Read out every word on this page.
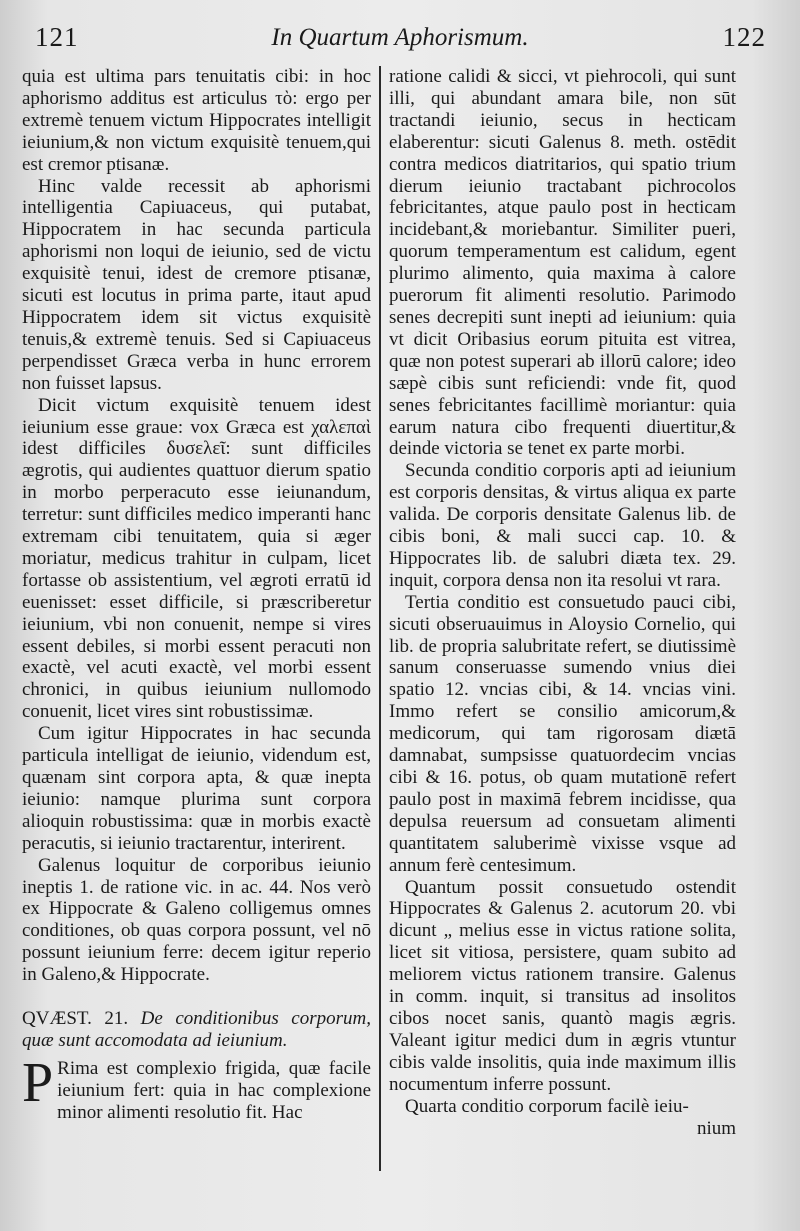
121	In Quartum Aphorismum.	122

quia est ultima pars tenuitatis cibi: in hoc aphorismo additus est articulus τὸ: ergo per extremè tenuem victum Hippocrates intelligit ieiunium,& non victum exquisitè tenuem,qui est cremor ptisanæ.

Hinc valde recessit ab aphorismi intelligentia Capiuaceus, qui putabat, Hippocratem in hac secunda particula aphorismi non loqui de ieiunio, sed de victu exquisitè tenui, idest de cremore ptisanæ, sicuti est locutus in prima parte, itaut apud Hippocratem idem sit victus exquisitè tenuis,& extremè tenuis. Sed si Capiuaceus perpendisset Græca verba in hunc errorem non fuisset lapsus.

Dicit victum exquisitè tenuem idest ieiunium esse graue: vox Græca est χαλεπαὶ idest difficiles δυσελεῖ: sunt difficiles ægrotis, qui audientes quattuor dierum spatio in morbo perperacuto esse ieiunandum, terretur: sunt difficiles medico imperanti hanc extremam cibi tenuitatem, quia si æger moriatur, medicus trahitur in culpam, licet fortasse ob assistentium, vel ægroti erratū id euenisset: esset difficile, si præscriberetur ieiunium, vbi non conuenit, nempe si vires essent debiles, si morbi essent peracuti non exactè, vel acuti exactè, vel morbi essent chronici, in quibus ieiunium nullomodo conuenit, licet vires sint robustissimæ.

Cum igitur Hippocrates in hac secunda particula intelligat de ieiunio, videndum est, quænam sint corpora apta, & quæ inepta ieiunio: namque plurima sunt corpora alioquin robustissima: quæ in morbis exactè peracutis, si ieiunio tractarentur, interirent.

Galenus loquitur de corporibus ieiunio ineptis 1. de ratione vic. in ac. 44. Nos verò ex Hippocrate & Galeno colligemus omnes conditiones, ob quas corpora possunt, vel nō possunt ieiunium ferre: decem igitur reperio in Galeno,& Hippocrate.

QVÆST. 21. De conditionibus corporum, quæ sunt accomodata ad ieiunium.

P Rima est complexio frigida, quæ facile ieiunium fert: quia in hac complexione minor alimenti resolutio fit. Hac

ratione calidi & sicci, vt piehrocoli, qui sunt illi, qui abundant amara bile, non sūt tractandi ieiunio, secus in hecticam elaberentur: sicuti Galenus 8. meth. ostēdit contra medicos diatritarios, qui spatio trium dierum ieiunio tractabant pichrocolos febricitantes, atque paulo post in hecticam incidebant,& moriebantur. Similiter pueri, quorum temperamentum est calidum, egent plurimo alimento, quia maxima à calore puerorum fit alimenti resolutio. Parimodo senes decrepiti sunt inepti ad ieiunium: quia vt dicit Oribasius eorum pituita est vitrea, quæ non potest superari ab illorū calore; ideo sæpè cibis sunt reficiendi: vnde fit, quod senes febricitantes facillimè moriantur: quia earum natura cibo frequenti diuertitur,& deinde victoria se tenet ex parte morbi.

Secunda conditio corporis apti ad ieiunium est corporis densitas, & virtus aliqua ex parte valida. De corporis densitate Galenus lib. de cibis boni, & mali succi cap. 10. & Hippocrates lib. de salubri diæta tex. 29. inquit, corpora densa non ita resolui vt rara.

Tertia conditio est consuetudo pauci cibi, sicuti obseruauimus in Aloysio Cornelio, qui lib. de propria salubritate refert, se diutissimè sanum conseruasse sumendo vnius diei spatio 12. vncias cibi, & 14. vncias vini. Immo refert se consilio amicorum,& medicorum, qui tam rigorosam diætā damnabat, sumpsisse quatuordecim vncias cibi & 16. potus, ob quam mutationē refert paulo post in maximā febrem incidisse, qua depulsa reuersum ad consuetam alimenti quantitatem saluberimè vixisse vsque ad annum ferè centesimum.

Quantum possit consuetudo ostendit Hippocrates & Galenus 2. acutorum 20. vbi dicunt „ melius esse in victus ratione solita, licet sit vitiosa, persistere, quam subito ad meliorem victus rationem transire. Galenus in comm. inquit, si transitus ad insolitos cibos nocet sanis, quantò magis ægris. Valeant igitur medici dum in ægris vtuntur cibis valde insolitis, quia inde maximum illis nocumentum inferre possunt.

Quarta conditio corporum facilè ieiu-

nium
